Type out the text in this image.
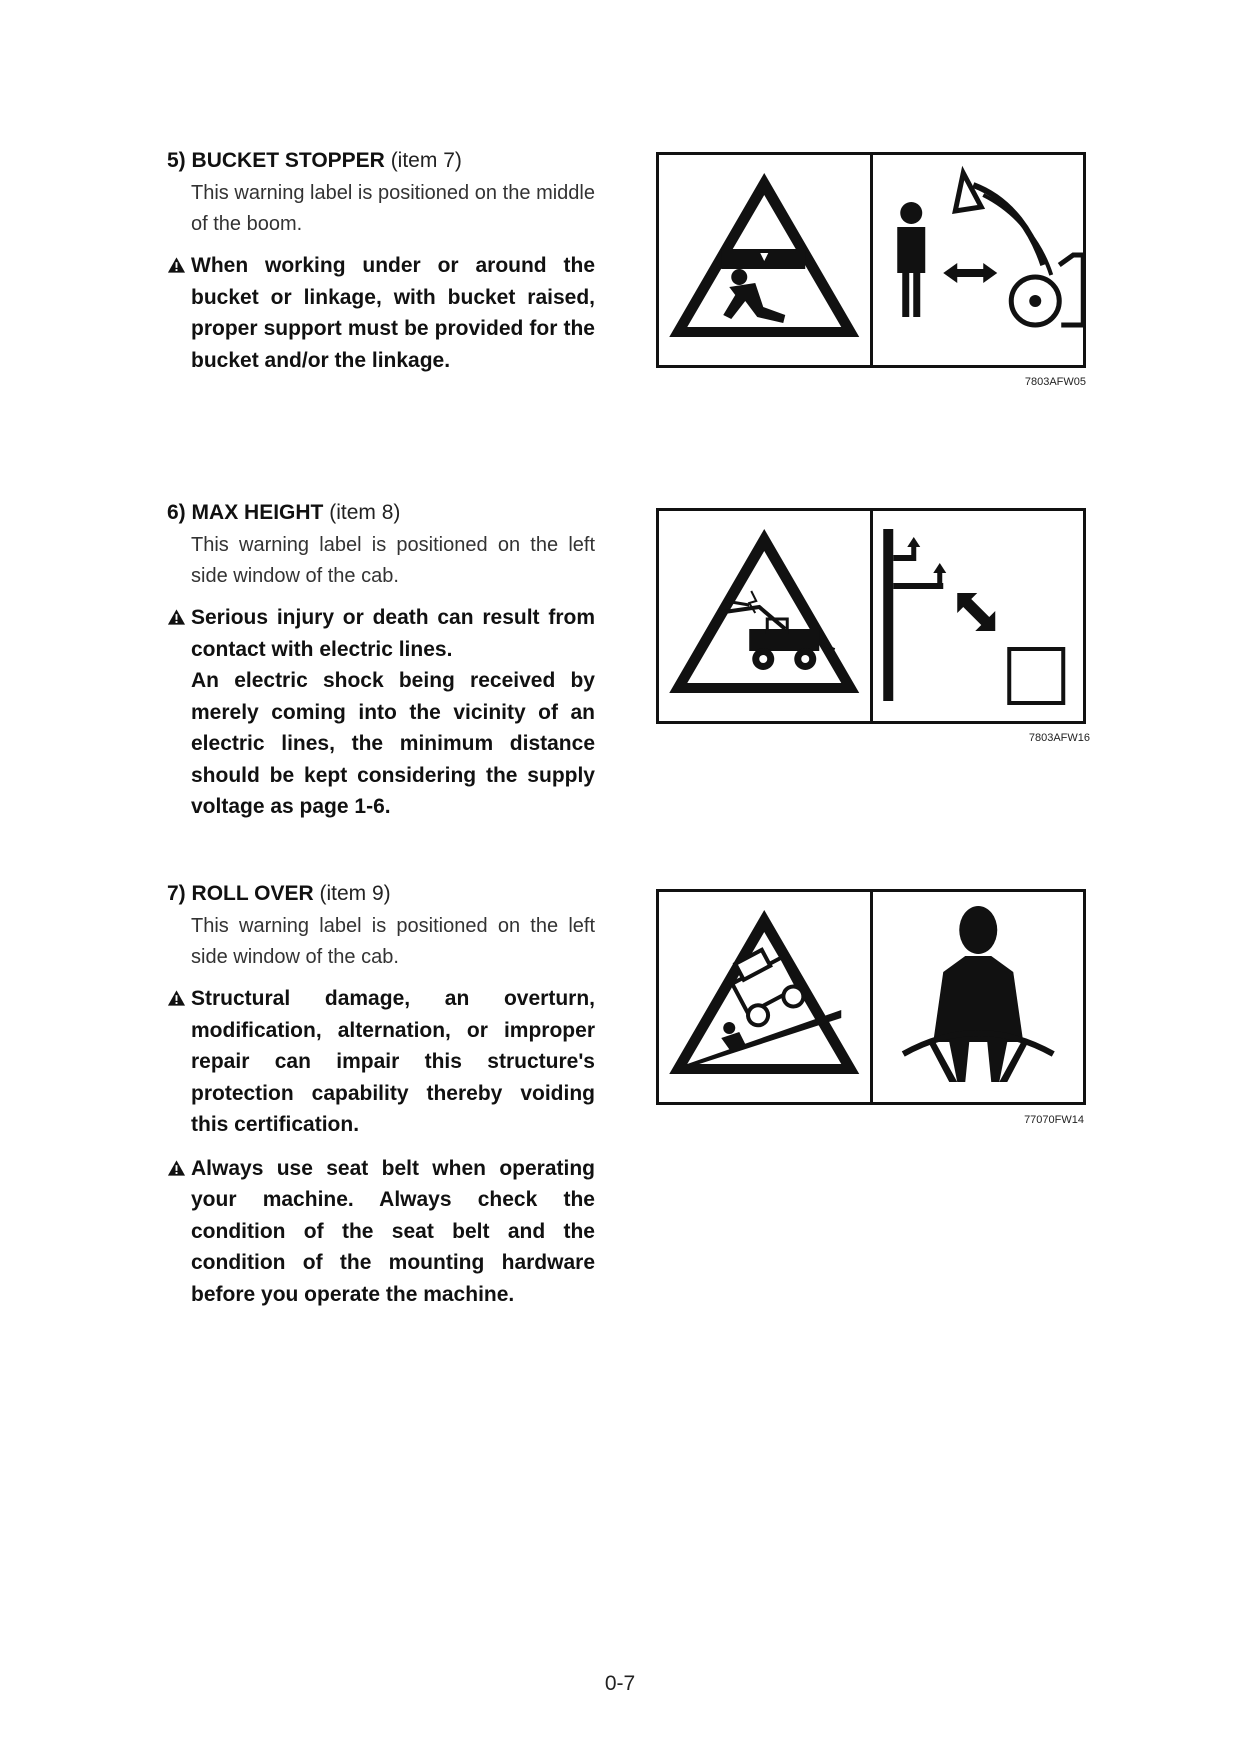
5) BUCKET STOPPER (item 7)
This warning label is positioned on the middle of the boom.

When working under or around the bucket or linkage, with bucket raised, proper support must be provided for the bucket and/or the linkage.

7803AFW05
6) MAX HEIGHT (item 8)
This warning label is positioned on the left side window of the cab.

Serious injury or death can result from contact with electric lines.

An electric shock being received by merely coming into the vicinity of an electric lines, the minimum distance should be kept considering the supply voltage as page 1-6.

7803AFW16
7) ROLL OVER (item 9)
This warning label is positioned on the left side window of the cab.

Structural damage, an overturn, modification, alternation, or improper repair can impair this structure's protection capability thereby voiding this certification.

Always use seat belt when operating your machine. Always check the condition of the seat belt and the condition of the mounting hardware before you operate the machine.

77070FW14
0-7
